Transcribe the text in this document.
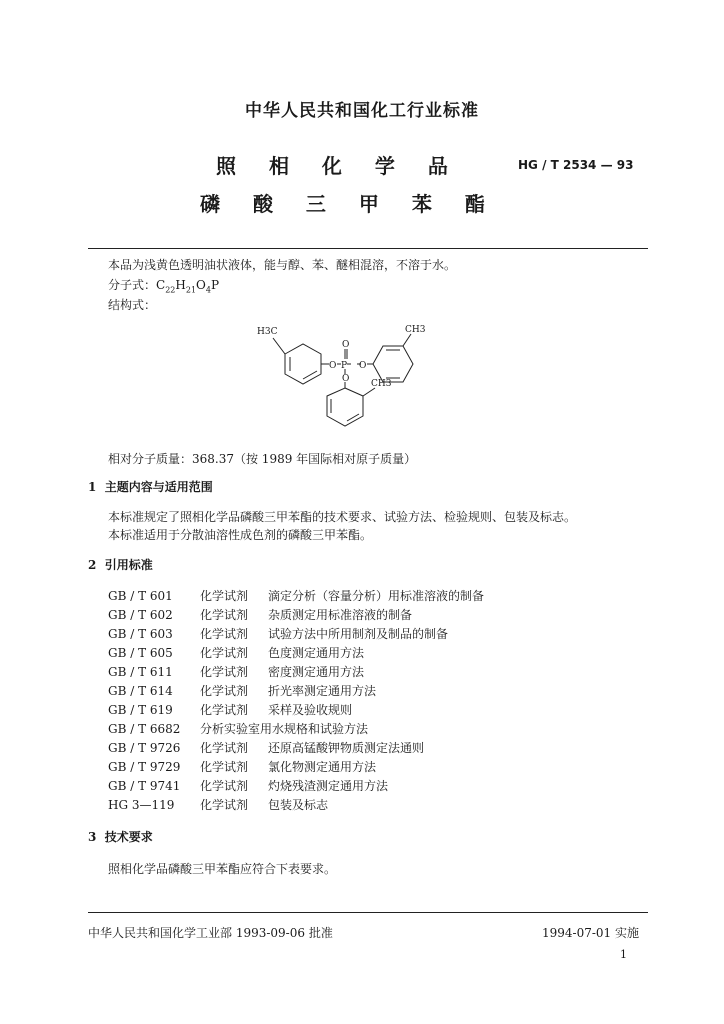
中华人民共和国化工行业标准
照 相 化 学 品
磷 酸 三 甲 苯 酯
HG / T 2534 — 93
本品为浅黄色透明油状液体，能与醇、苯、醚相混溶，不溶于水。
分子式：$C_{22}H_{21}O_4P$
结构式：
H3C
O P
O
O
O
CH3
CH3
相对分子质量：368.37（按 1989 年国际相对原子质量）
1 主题内容与适用范围
本标准规定了照相化学品磷酸三甲苯酯的技术要求、试验方法、检验规则、包装及标志。
本标准适用于分散油溶性成色剂的磷酸三甲苯酯。
2 引用标准
GB / T 601 化学试剂 滴定分析（容量分析）用标准溶液的制备
GB / T 602 化学试剂 杂质测定用标准溶液的制备
GB / T 603 化学试剂 试验方法中所用制剂及制品的制备
GB / T 605 化学试剂 色度测定通用方法
GB / T 611 化学试剂 密度测定通用方法
GB / T 614 化学试剂 折光率测定通用方法
GB / T 619 化学试剂 采样及验收规则
GB / T 6682 分析实验室用水规格和试验方法
GB / T 9726 化学试剂 还原高锰酸钾物质测定法通则
GB / T 9729 化学试剂 氯化物测定通用方法
GB / T 9741 化学试剂 灼烧残渣测定通用方法
HG 3—119 化学试剂 包装及标志
3 技术要求
照相化学品磷酸三甲苯酯应符合下表要求。
中华人民共和国化学工业部 1993-09-06 批准	1994-07-01 实施
1
